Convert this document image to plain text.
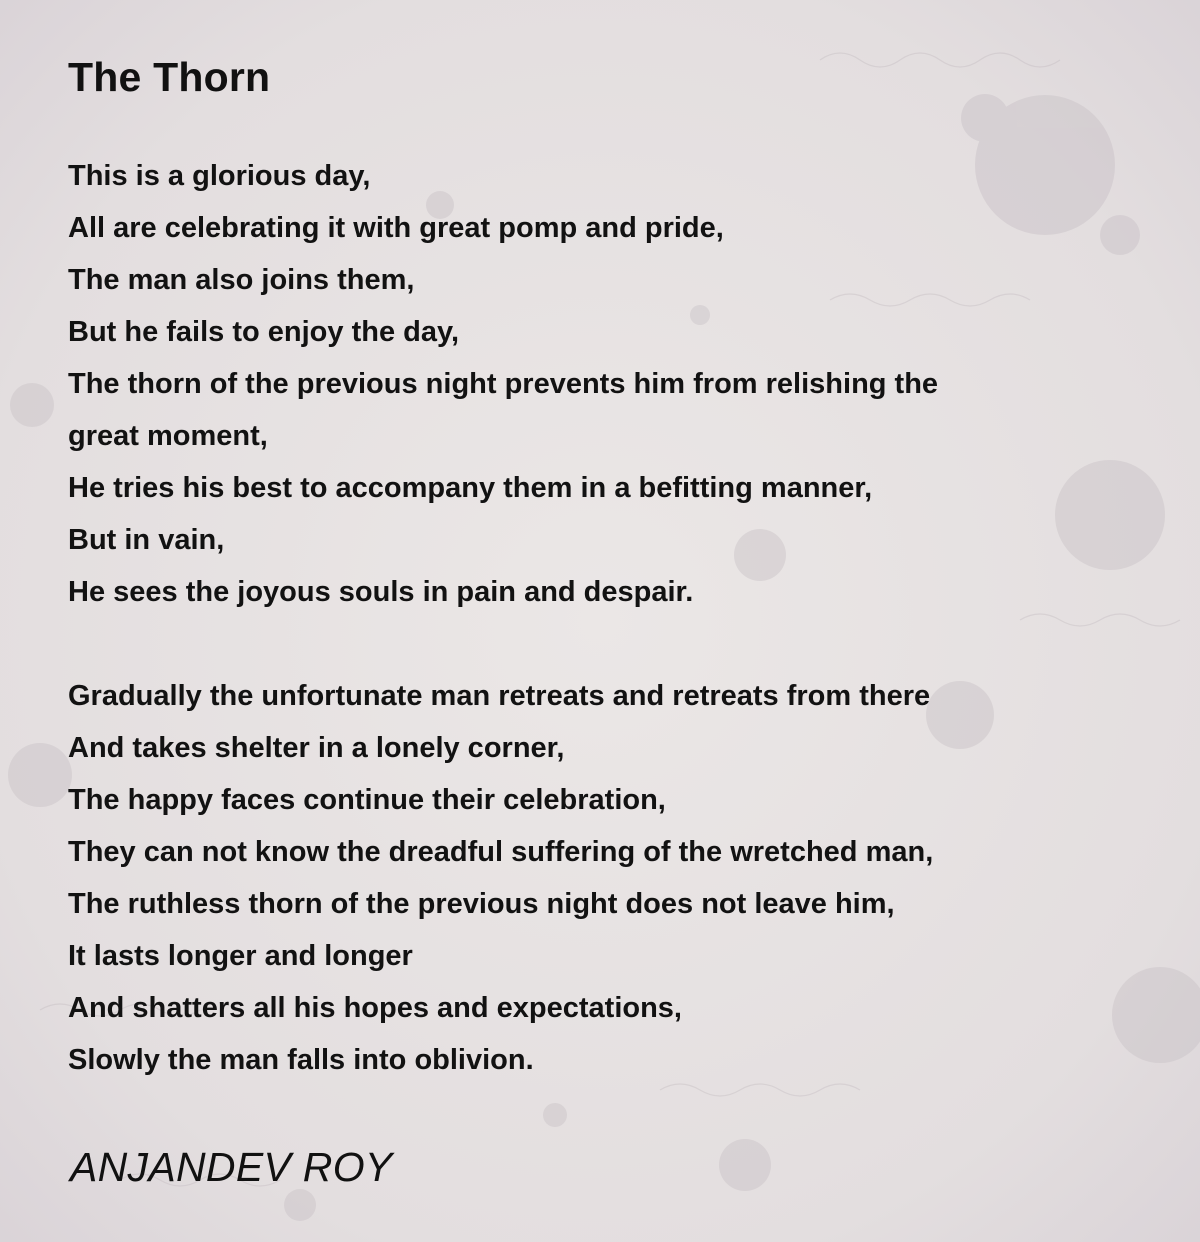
The Thorn

This is a glorious day,
All are celebrating it with great pomp and pride,
The man also joins them,
But he fails to enjoy the day,
The thorn of the previous night prevents him from relishing the
great moment,
He tries his best to accompany them in a befitting manner,
But in vain,
He sees the joyous souls in pain and despair.

Gradually the unfortunate man retreats and retreats from there
And takes shelter in a lonely corner,
The happy faces continue their celebration,
They can not know the dreadful suffering of the wretched man,
The ruthless thorn of the previous night does not leave him,
It lasts longer and longer
And shatters all his hopes and expectations,
Slowly the man falls into oblivion.

ANJANDEV ROY
